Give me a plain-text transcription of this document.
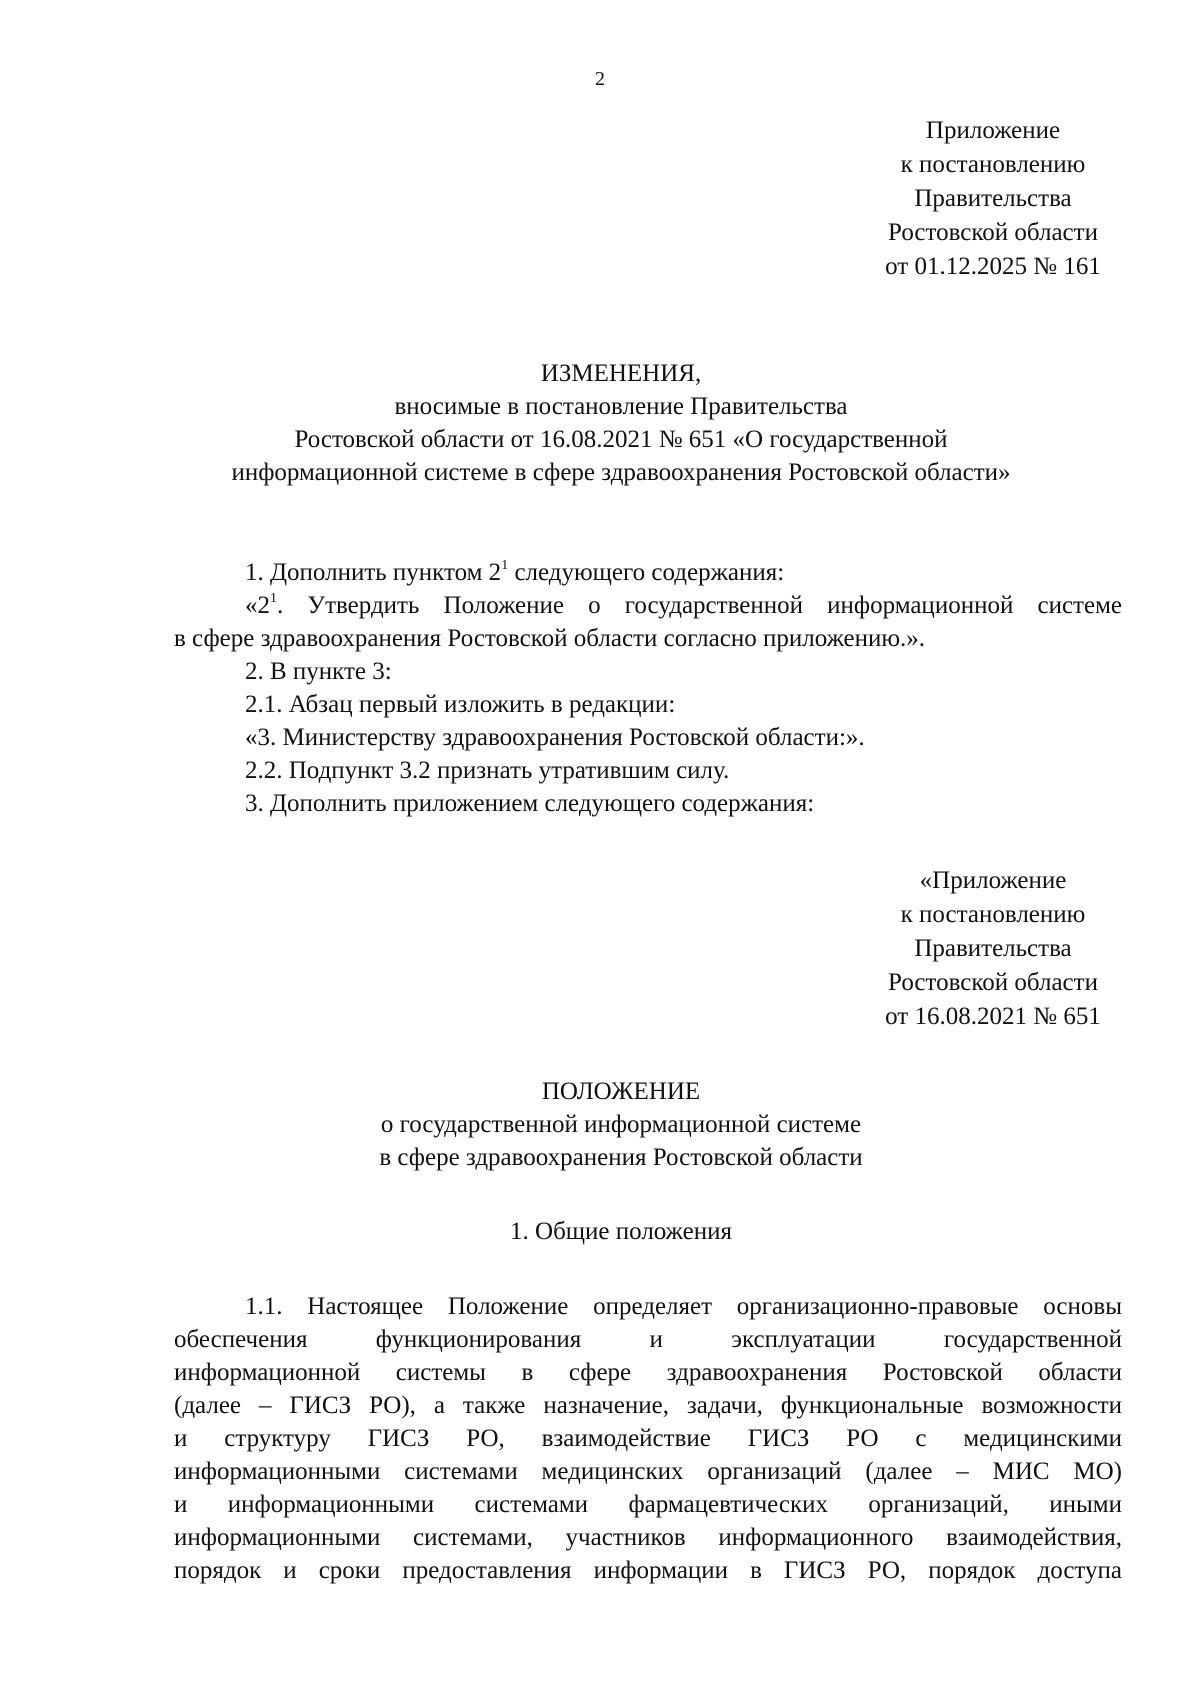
2
Приложение
к постановлению
Правительства
Ростовской области
от 01.12.2025 № 161
ИЗМЕНЕНИЯ,
вносимые в постановление Правительства
Ростовской области от 16.08.2021 № 651 «О государственной
информационной системе в сфере здравоохранения Ростовской области»
1. Дополнить пунктом $2^1$ следующего содержания:
«$2^1$. Утвердить Положение о государственной информационной системе
в сфере здравоохранения Ростовской области согласно приложению.».
2. В пункте 3:
2.1. Абзац первый изложить в редакции:
«3. Министерству здравоохранения Ростовской области:».
2.2. Подпункт 3.2 признать утратившим силу.
3. Дополнить приложением следующего содержания:
«Приложение
к постановлению
Правительства
Ростовской области
от 16.08.2021 № 651
ПОЛОЖЕНИЕ
о государственной информационной системе
в сфере здравоохранения Ростовской области
1. Общие положения
1.1. Настоящее Положение определяет организационно-правовые основы
обеспечения функционирования и эксплуатации государственной
информационной системы в сфере здравоохранения Ростовской области
(далее – ГИСЗ РО), а также назначение, задачи, функциональные возможности
и структуру ГИСЗ РО, взаимодействие ГИСЗ РО с медицинскими
информационными системами медицинских организаций (далее – МИС МО)
и информационными системами фармацевтических организаций, иными
информационными системами, участников информационного взаимодействия,
порядок и сроки предоставления информации в ГИСЗ РО, порядок доступа
